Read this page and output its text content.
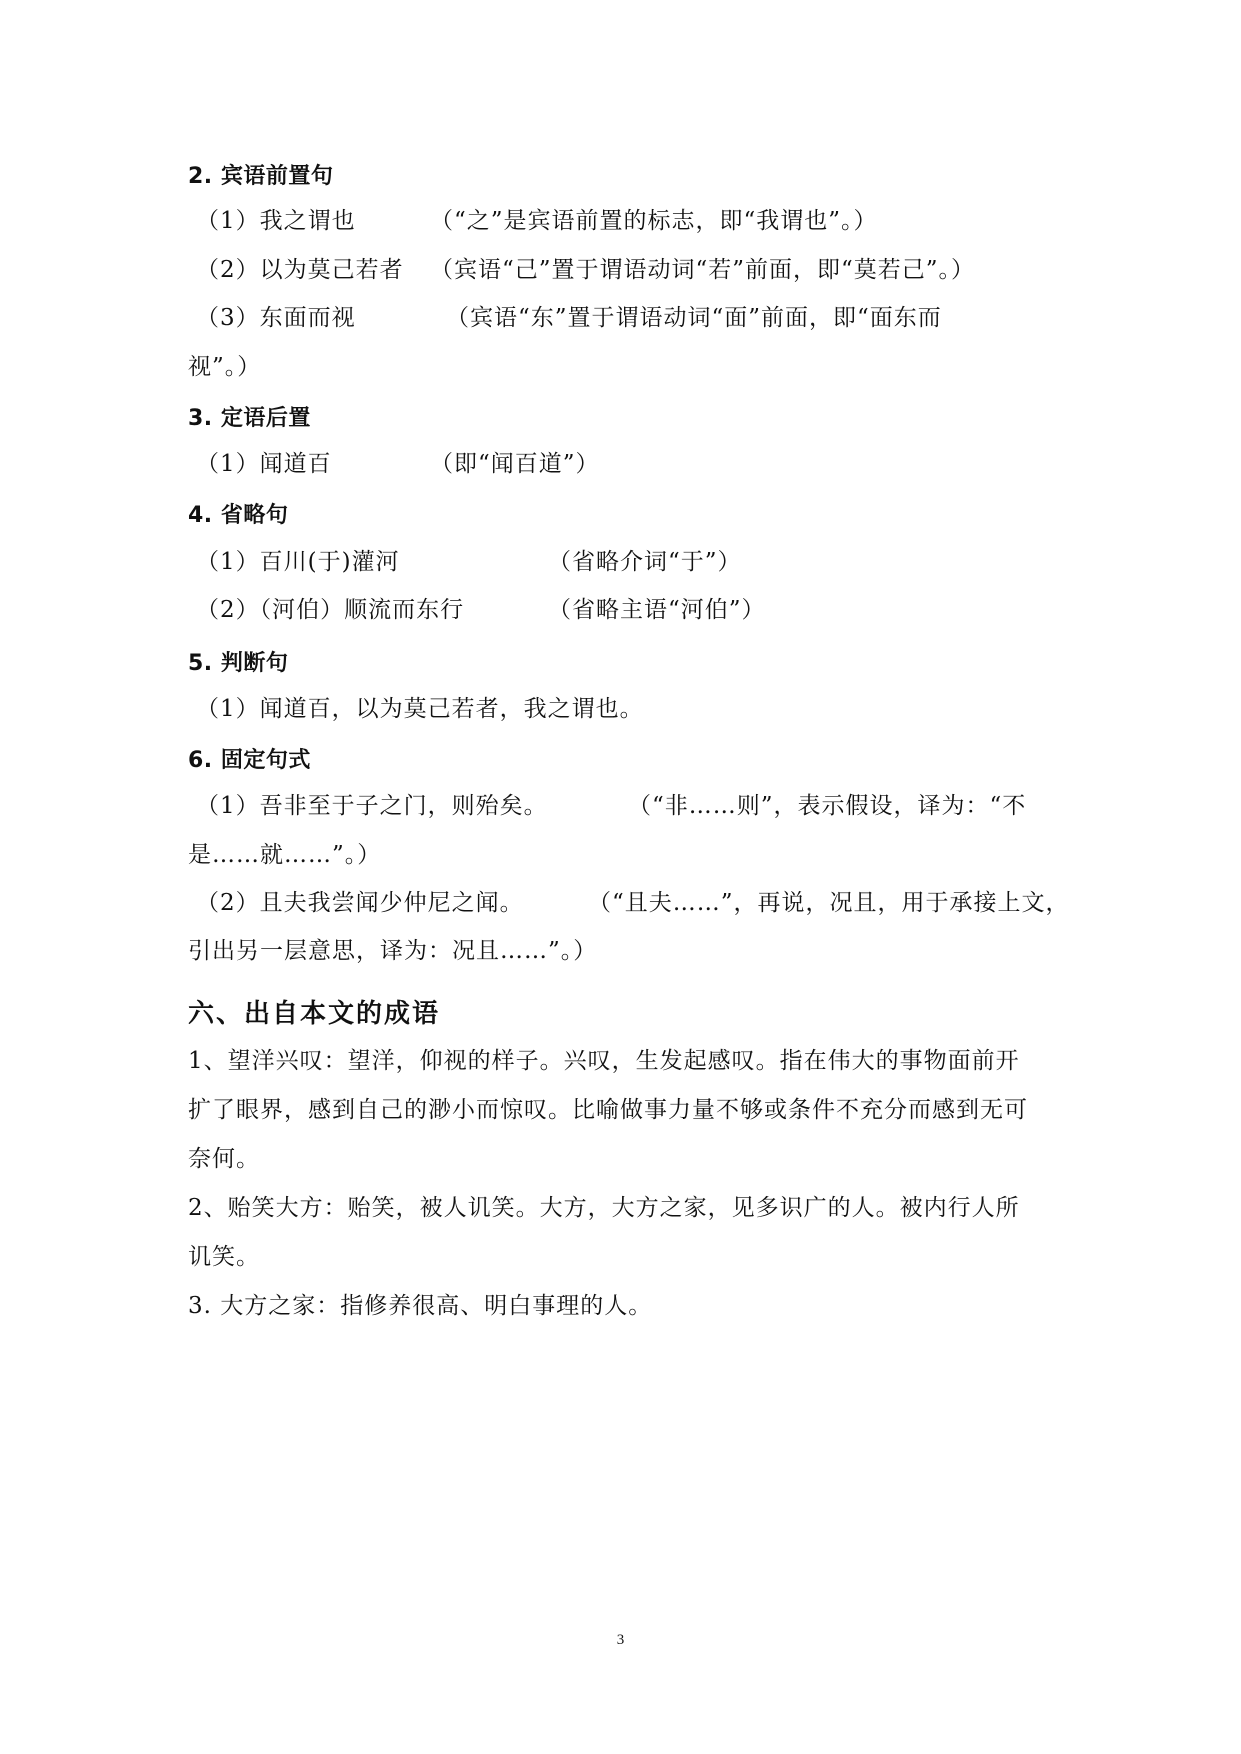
2. 宾语前置句
（1）我之谓也	（“之”是宾语前置的标志，即“我谓也”。）
（2）以为莫己若者 （宾语“己”置于谓语动词“若”前面，即“莫若己”。）
（3）东面而视	（宾语“东”置于谓语动词“面”前面，即“面东而
视”。）
3. 定语后置
（1）闻道百	（即“闻百道”）
4. 省略句
（1）百川(于)灌河	（省略介词“于”）
（2）（河伯）顺流而东行	（省略主语“河伯”）
5. 判断句
（1）闻道百，以为莫己若者，我之谓也。
6. 固定句式
（1）吾非至于子之门，则殆矣。	（“非……则”，表示假设，译为：“不
是……就……”。）
（2）且夫我尝闻少仲尼之闻。	（“且夫……”，再说，况且，用于承接上文，
引出另一层意思，译为：况且……”。）
六、出自本文的成语
1、望洋兴叹：望洋，仰视的样子。兴叹，生发起感叹。指在伟大的事物面前开
扩了眼界，感到自己的渺小而惊叹。比喻做事力量不够或条件不充分而感到无可
奈何。
2、贻笑大方：贻笑，被人讥笑。大方，大方之家，见多识广的人。被内行人所
讥笑。
3. 大方之家：指修养很高、明白事理的人。
3
